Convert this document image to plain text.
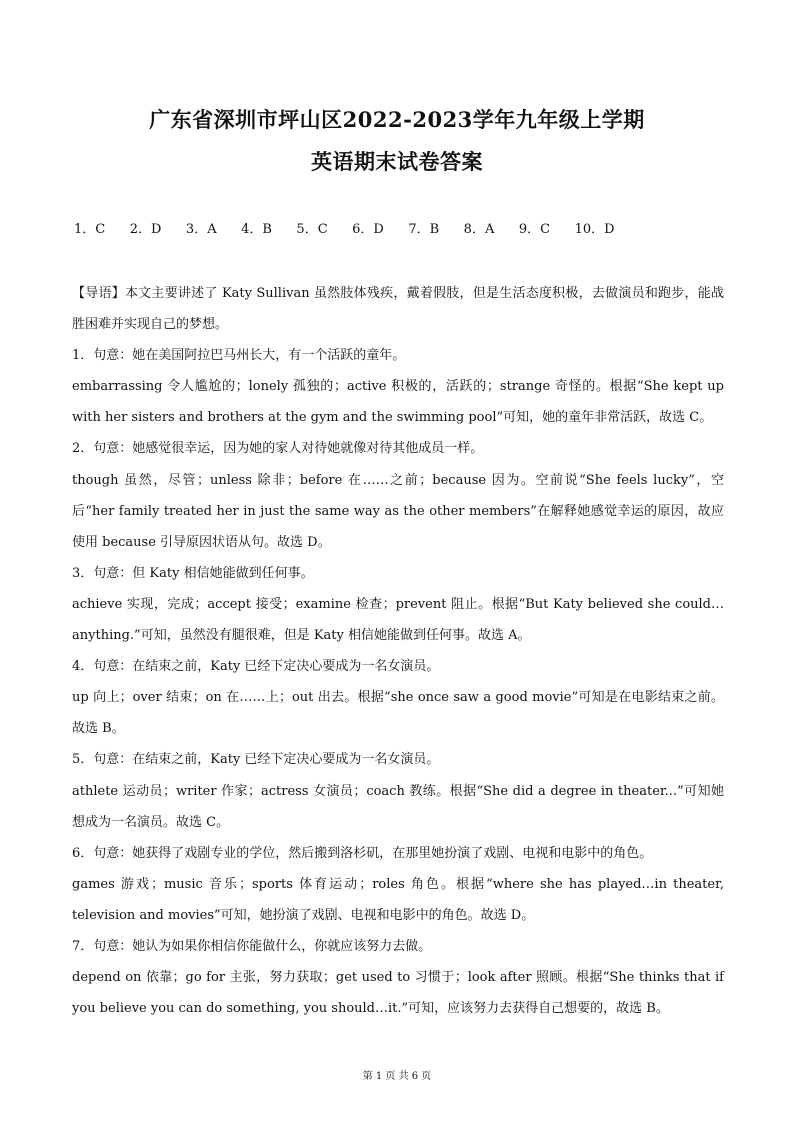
广东省深圳市坪山区2022-2023学年九年级上学期
英语期末试卷答案
1．C 2．D 3．A 4．B 5．C 6．D 7．B 8．A 9．C 10．D

【导语】本文主要讲述了 Katy Sullivan 虽然肢体残疾，戴着假肢，但是生活态度积极，去做演员和跑步，能战胜困难并实现自己的梦想。

1．句意：她在美国阿拉巴马州长大，有一个活跃的童年。

embarrassing 令人尴尬的；lonely 孤独的；active 积极的，活跃的；strange 奇怪的。根据“She kept up with her sisters and brothers at the gym and the swimming pool”可知，她的童年非常活跃，故选 C。

2．句意：她感觉很幸运，因为她的家人对待她就像对待其他成员一样。

though 虽然，尽管；unless 除非；before 在……之前；because 因为。空前说“She feels lucky”，空后“her family treated her in just the same way as the other members”在解释她感觉幸运的原因，故应使用 because 引导原因状语从句。故选 D。

3．句意：但 Katy 相信她能做到任何事。

achieve 实现，完成；accept 接受；examine 检查；prevent 阻止。根据“But Katy believed she could…anything.”可知，虽然没有腿很难，但是 Katy 相信她能做到任何事。故选 A。

4．句意：在结束之前，Katy 已经下定决心要成为一名女演员。

up 向上；over 结束；on 在……上；out 出去。根据“she once saw a good movie”可知是在电影结束之前。故选 B。

5．句意：在结束之前，Katy 已经下定决心要成为一名女演员。

athlete 运动员；writer 作家；actress 女演员；coach 教练。根据“She did a degree in theater...”可知她想成为一名演员。故选 C。

6．句意：她获得了戏剧专业的学位，然后搬到洛杉矶，在那里她扮演了戏剧、电视和电影中的角色。

games 游戏；music 音乐；sports 体育运动；roles 角色。根据“where she has played…in theater, television and movies”可知，她扮演了戏剧、电视和电影中的角色。故选 D。

7．句意：她认为如果你相信你能做什么，你就应该努力去做。

depend on 依靠；go for 主张，努力获取；get used to 习惯于；look after 照顾。根据“She thinks that if you believe you can do something, you should…it.”可知，应该努力去获得自己想要的，故选 B。

第 1 页 共 6 页
